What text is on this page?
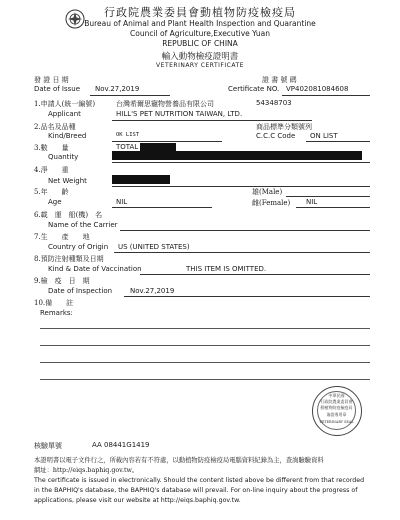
行政院農業委員會動植物防疫檢疫局
Bureau of Animal and Plant Health Inspection and Quarantine
Council of Agriculture,Executive Yuan
REPUBLIC OF CHINA
輸入動物檢疫證明書
VETERINARY CERTIFICATE
發 證 日 期
Date of Issue Nov.27,2019
證 書 號 碼
Certificate NO. VP402081084608
1.申請人(統一編號)	台灣希爾思寵物營養品有限公司	54348703
Applicant	HILL'S PET NUTRITION TAIWAN, LTD.
2.品名及品種
Kind/Breed	OK LIST
商品標準分類號列
C.C.C Code ON LIST
3.數　　量	TOTAL
Quantity
4.淨　　重
Net Weight
5.年　　齡
Age	NIL
雄(Male)
雌(Female) NIL
6.載　運　船(機)　名
Name of the Carrier
7.生　　產　　地
Country of Origin US (UNITED STATES)
8.預防注射種類及日期
Kind & Date of Vaccination	THIS ITEM IS OMITTED.
9.檢　疫　日　期
Date of Inspection	Nov.27,2019
10.備　　註
Remarks:
中華民國
行政院農業委員會
動植物防疫檢疫局
簽證專用章
VETERINARY SEAL
核驗單號	AA 08441G1419
本證明書以電子文件行之，所載內容若有不符處，以動植物防疫檢疫局電腦資料紀錄為主，查詢驗驗資料
網址：http://eiqs.baphiq.gov.tw。
The certificate is issued in electronically. Should the content listed above be different from that recorded
in the BAPHIQ's database, the BAPHIQ's database will prevail. For on-line inquiry about the progress of
applications, please visit our website at http://eiqs.baphiq.gov.tw.
